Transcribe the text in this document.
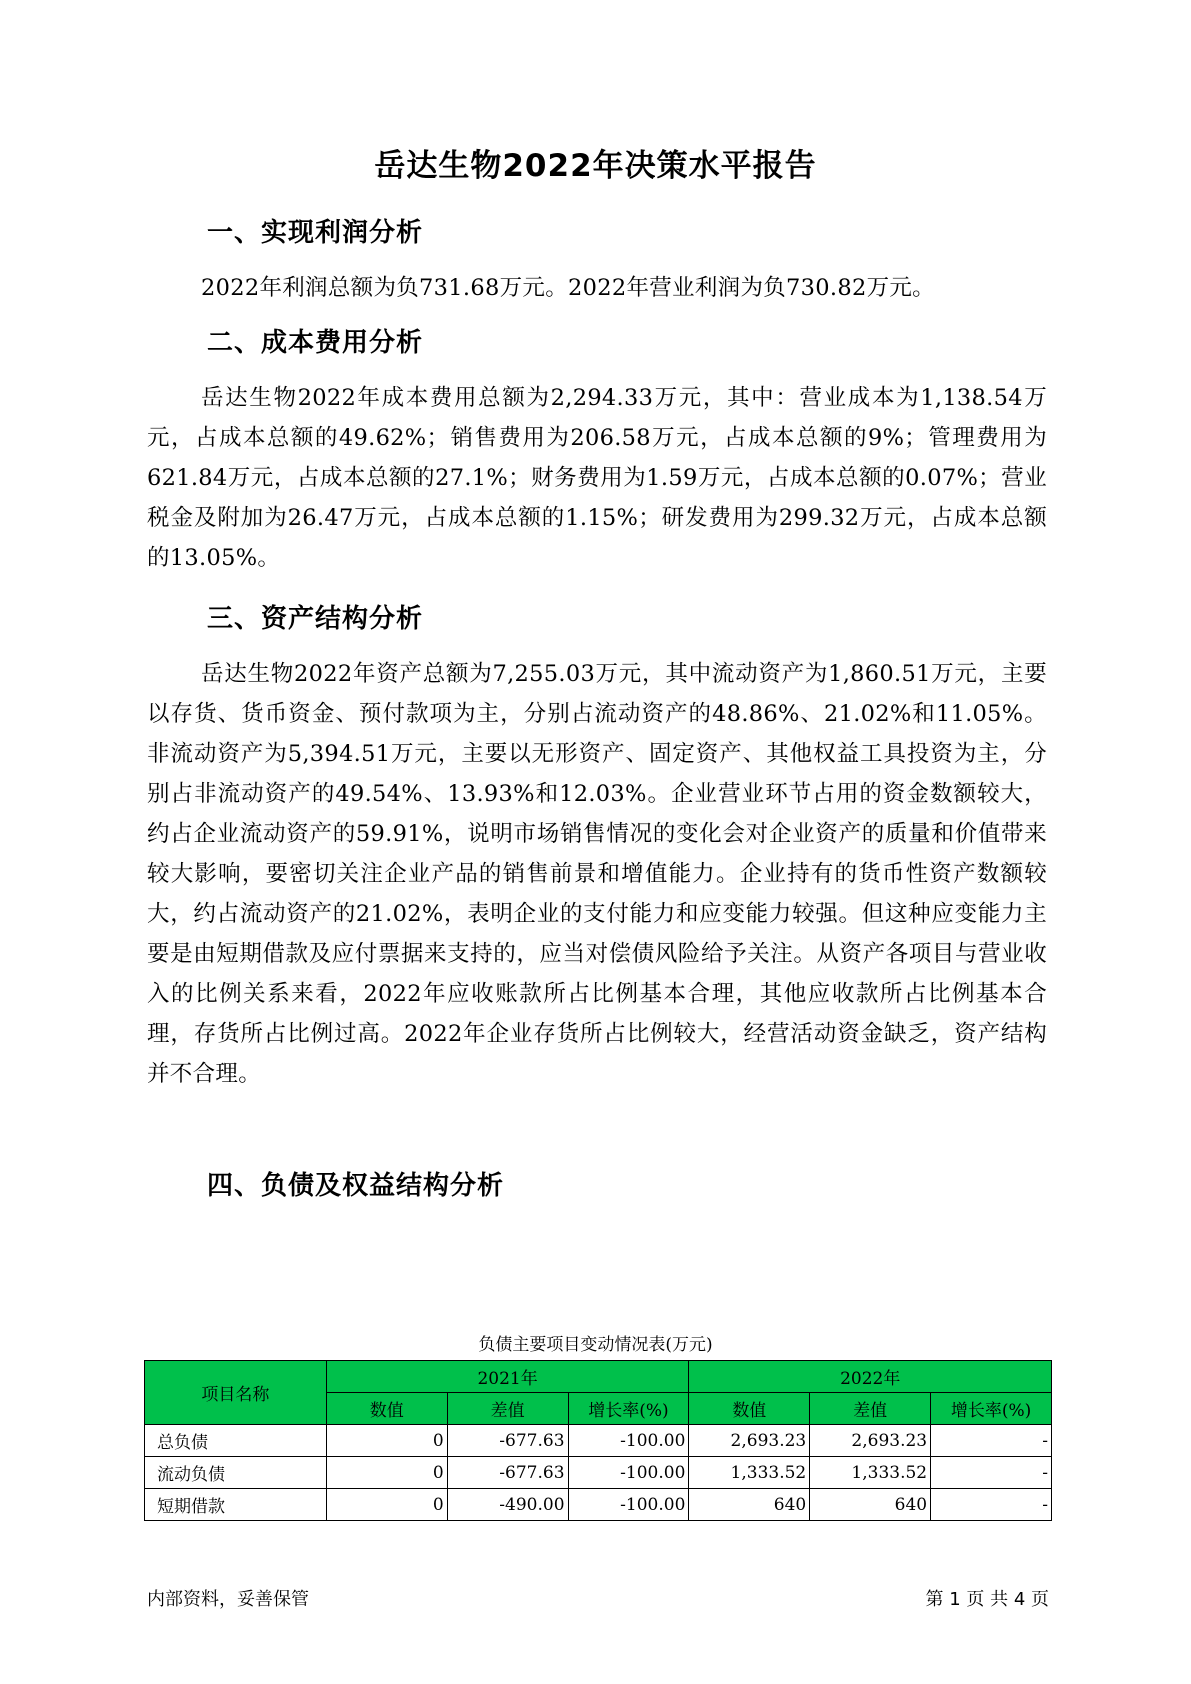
岳达生物2022年决策水平报告
一、实现利润分析
2022年利润总额为负731.68万元。2022年营业利润为负730.82万元。
二、成本费用分析
岳达生物2022年成本费用总额为2,294.33万元，其中：营业成本为1,138.54万元，占成本总额的49.62%；销售费用为206.58万元，占成本总额的9%；管理费用为621.84万元，占成本总额的27.1%；财务费用为1.59万元，占成本总额的0.07%；营业税金及附加为26.47万元，占成本总额的1.15%；研发费用为299.32万元，占成本总额的13.05%。
三、资产结构分析
岳达生物2022年资产总额为7,255.03万元，其中流动资产为1,860.51万元，主要以存货、货币资金、预付款项为主，分别占流动资产的48.86%、21.02%和11.05%。非流动资产为5,394.51万元，主要以无形资产、固定资产、其他权益工具投资为主，分别占非流动资产的49.54%、13.93%和12.03%。企业营业环节占用的资金数额较大，约占企业流动资产的59.91%，说明市场销售情况的变化会对企业资产的质量和价值带来较大影响，要密切关注企业产品的销售前景和增值能力。企业持有的货币性资产数额较大，约占流动资产的21.02%，表明企业的支付能力和应变能力较强。但这种应变能力主要是由短期借款及应付票据来支持的，应当对偿债风险给予关注。从资产各项目与营业收入的比例关系来看，2022年应收账款所占比例基本合理，其他应收款所占比例基本合理，存货所占比例过高。2022年企业存货所占比例较大，经营活动资金缺乏，资产结构并不合理。
四、负债及权益结构分析
负债主要项目变动情况表(万元)
项目名称	2021年			2022年		
	数值	差值	增长率(%)	数值	差值	增长率(%)
总负债	0	-677.63	-100.00	2,693.23	2,693.23	-
流动负债	0	-677.63	-100.00	1,333.52	1,333.52	-
短期借款	0	-490.00	-100.00	640	640	-
内部资料，妥善保管	第 1 页 共 4 页
